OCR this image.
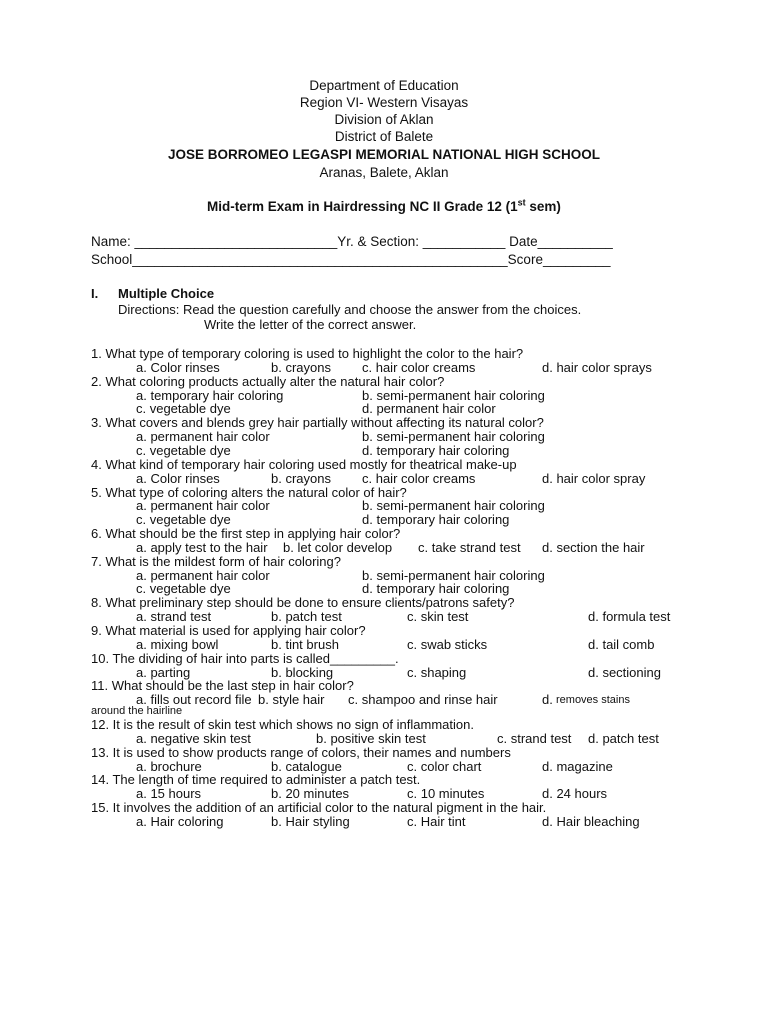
Department of Education
Region VI- Western Visayas
Division of Aklan
District of Balete
JOSE BORROMEO LEGASPI MEMORIAL NATIONAL HIGH SCHOOL
Aranas, Balete, Aklan
Mid-term Exam in Hairdressing NC II Grade 12 (1st sem)
Name: ___________________________Yr. & Section: ___________ Date__________
School__________________________________________________Score_________
I. Multiple Choice
Directions: Read the question carefully and choose the answer from the choices.
Write the letter of the correct answer.
1. What type of temporary coloring is used to highlight the color to the hair?
a. Color rinses	b. crayons c. hair color creams	d. hair color sprays
2. What coloring products actually alter the natural hair color?
a. temporary hair coloring	b. semi-permanent hair coloring
c. vegetable dye	d. permanent hair color
3. What covers and blends grey hair partially without affecting its natural color?
a. permanent hair color	b. semi-permanent hair coloring
c. vegetable dye	d. temporary hair coloring
4. What kind of temporary hair coloring used mostly for theatrical make-up
a. Color rinses	b. crayons c. hair color creams	d. hair color spray
5. What type of coloring alters the natural color of hair?
a. permanent hair color	b. semi-permanent hair coloring
c. vegetable dye	d. temporary hair coloring
6. What should be the first step in applying hair color?
a. apply test to the hair b. let color develop c. take strand test d. section the hair
7. What is the mildest form of hair coloring?
a. permanent hair color	b. semi-permanent hair coloring
c. vegetable dye	d. temporary hair coloring
8. What preliminary step should be done to ensure clients/patrons safety?
a. strand test	b. patch test	c. skin test	d. formula test
9. What material is used for applying hair color?
a. mixing bowl	b. tint brush	c. swab sticks	d. tail comb
10. The dividing of hair into parts is called_________.
a. parting	b. blocking	c. shaping	d. sectioning
11. What should be the last step in hair color?
a. fills out record file b. style hair c. shampoo and rinse hair	d. removes stains
around the hairline
12. It is the result of skin test which shows no sign of inflammation.
a. negative skin test	b. positive skin test	c. strand test d. patch test
13. It is used to show products range of colors, their names and numbers
a. brochure	b. catalogue	c. color chart	d. magazine
14. The length of time required to administer a patch test.
a. 15 hours	b. 20 minutes	c. 10 minutes	d. 24 hours
15. It involves the addition of an artificial color to the natural pigment in the hair.
a. Hair coloring	b. Hair styling	c. Hair tint	d. Hair bleaching
